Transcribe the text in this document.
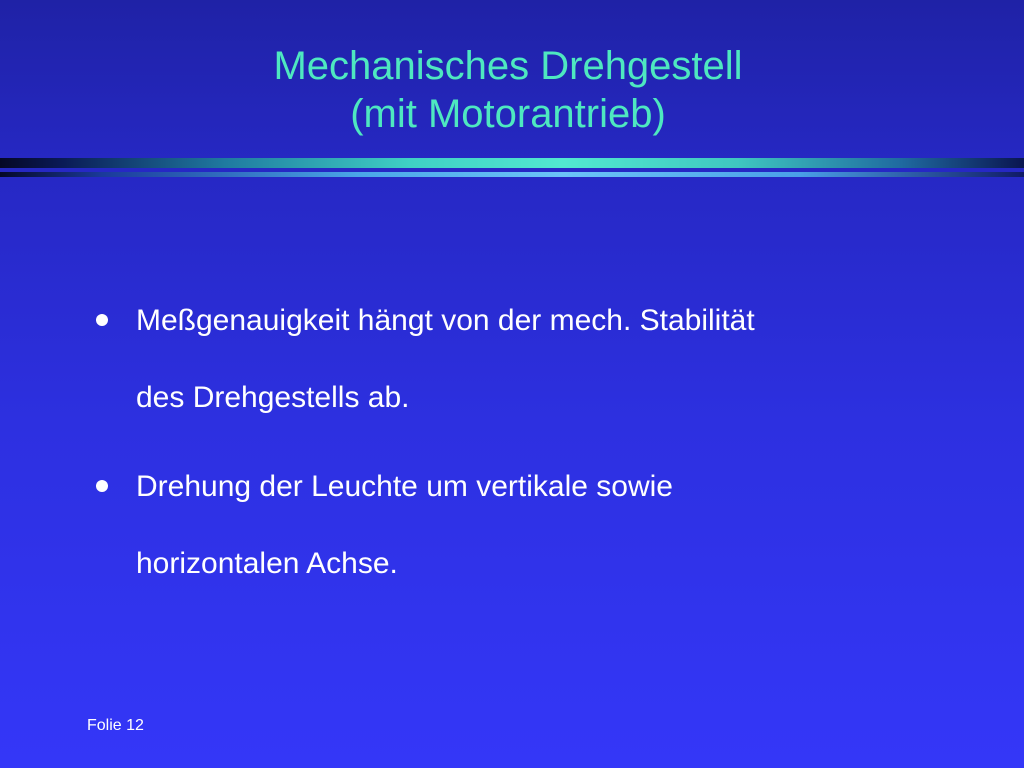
Mechanisches Drehgestell
(mit Motorantrieb)
Meßgenauigkeit hängt von der mech. Stabilität
des Drehgestells ab.
Drehung der Leuchte um vertikale sowie
horizontalen Achse.
Folie 12
